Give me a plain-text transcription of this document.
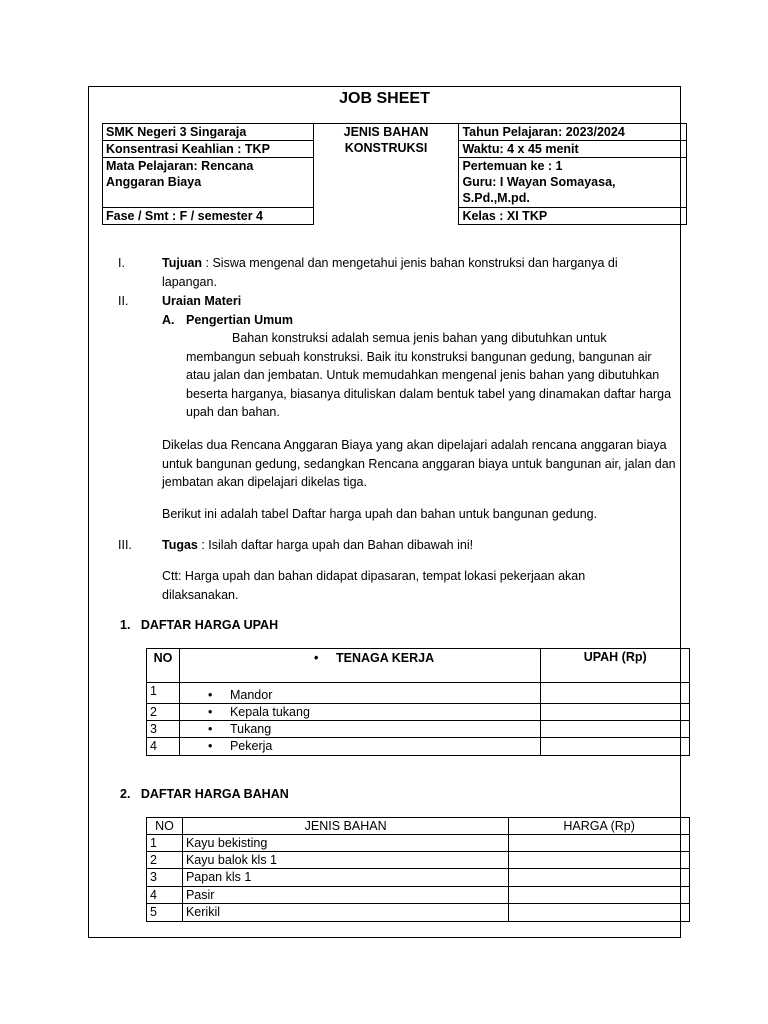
JOB SHEET
SMK Negeri 3 Singaraja	JENIS BAHAN KONSTRUKSI	Tahun Pelajaran: 2023/2024
Konsentrasi Keahlian : TKP		Waktu: 4 x 45 menit
Mata Pelajaran: Rencana Anggaran Biaya		Pertemuan ke : 1
Guru: I Wayan Somayasa, S.Pd.,M.pd.

Fase / Smt : F / semester 4		Kelas : XI TKP
I.	Tujuan : Siswa mengenal dan mengetahui jenis bahan konstruksi dan harganya di lapangan.
II.	Uraian Materi
A. Pengertian Umum
Bahan konstruksi adalah semua jenis bahan yang dibutuhkan untuk membangun sebuah konstruksi. Baik itu konstruksi bangunan gedung, bangunan air atau jalan dan jembatan. Untuk memudahkan mengenal jenis bahan yang dibutuhkan beserta harganya, biasanya dituliskan dalam bentuk tabel yang dinamakan daftar harga upah dan bahan.
Dikelas dua Rencana Anggaran Biaya yang akan dipelajari adalah rencana anggaran biaya untuk bangunan gedung, sedangkan Rencana anggaran biaya untuk bangunan air, jalan dan jembatan akan dipelajari dikelas tiga.
Berikut ini adalah tabel Daftar harga upah dan bahan untuk bangunan gedung.
III. Tugas : Isilah daftar harga upah dan Bahan dibawah ini!
Ctt: Harga upah dan bahan didapat dipasaran, tempat lokasi pekerjaan akan dilaksanakan.
1.   DAFTAR HARGA UPAH
NO	•TENAGA KERJA	UPAH (Rp)
1	•Mandor	
2	•Kepala tukang	
3	•Tukang	
4	•Pekerja	
2.   DAFTAR HARGA BAHAN
NO	JENIS BAHAN	HARGA (Rp)
1	Kayu bekisting	
2	Kayu balok kls 1	
3	Papan kls 1	
4	Pasir	
5	Kerikil	
